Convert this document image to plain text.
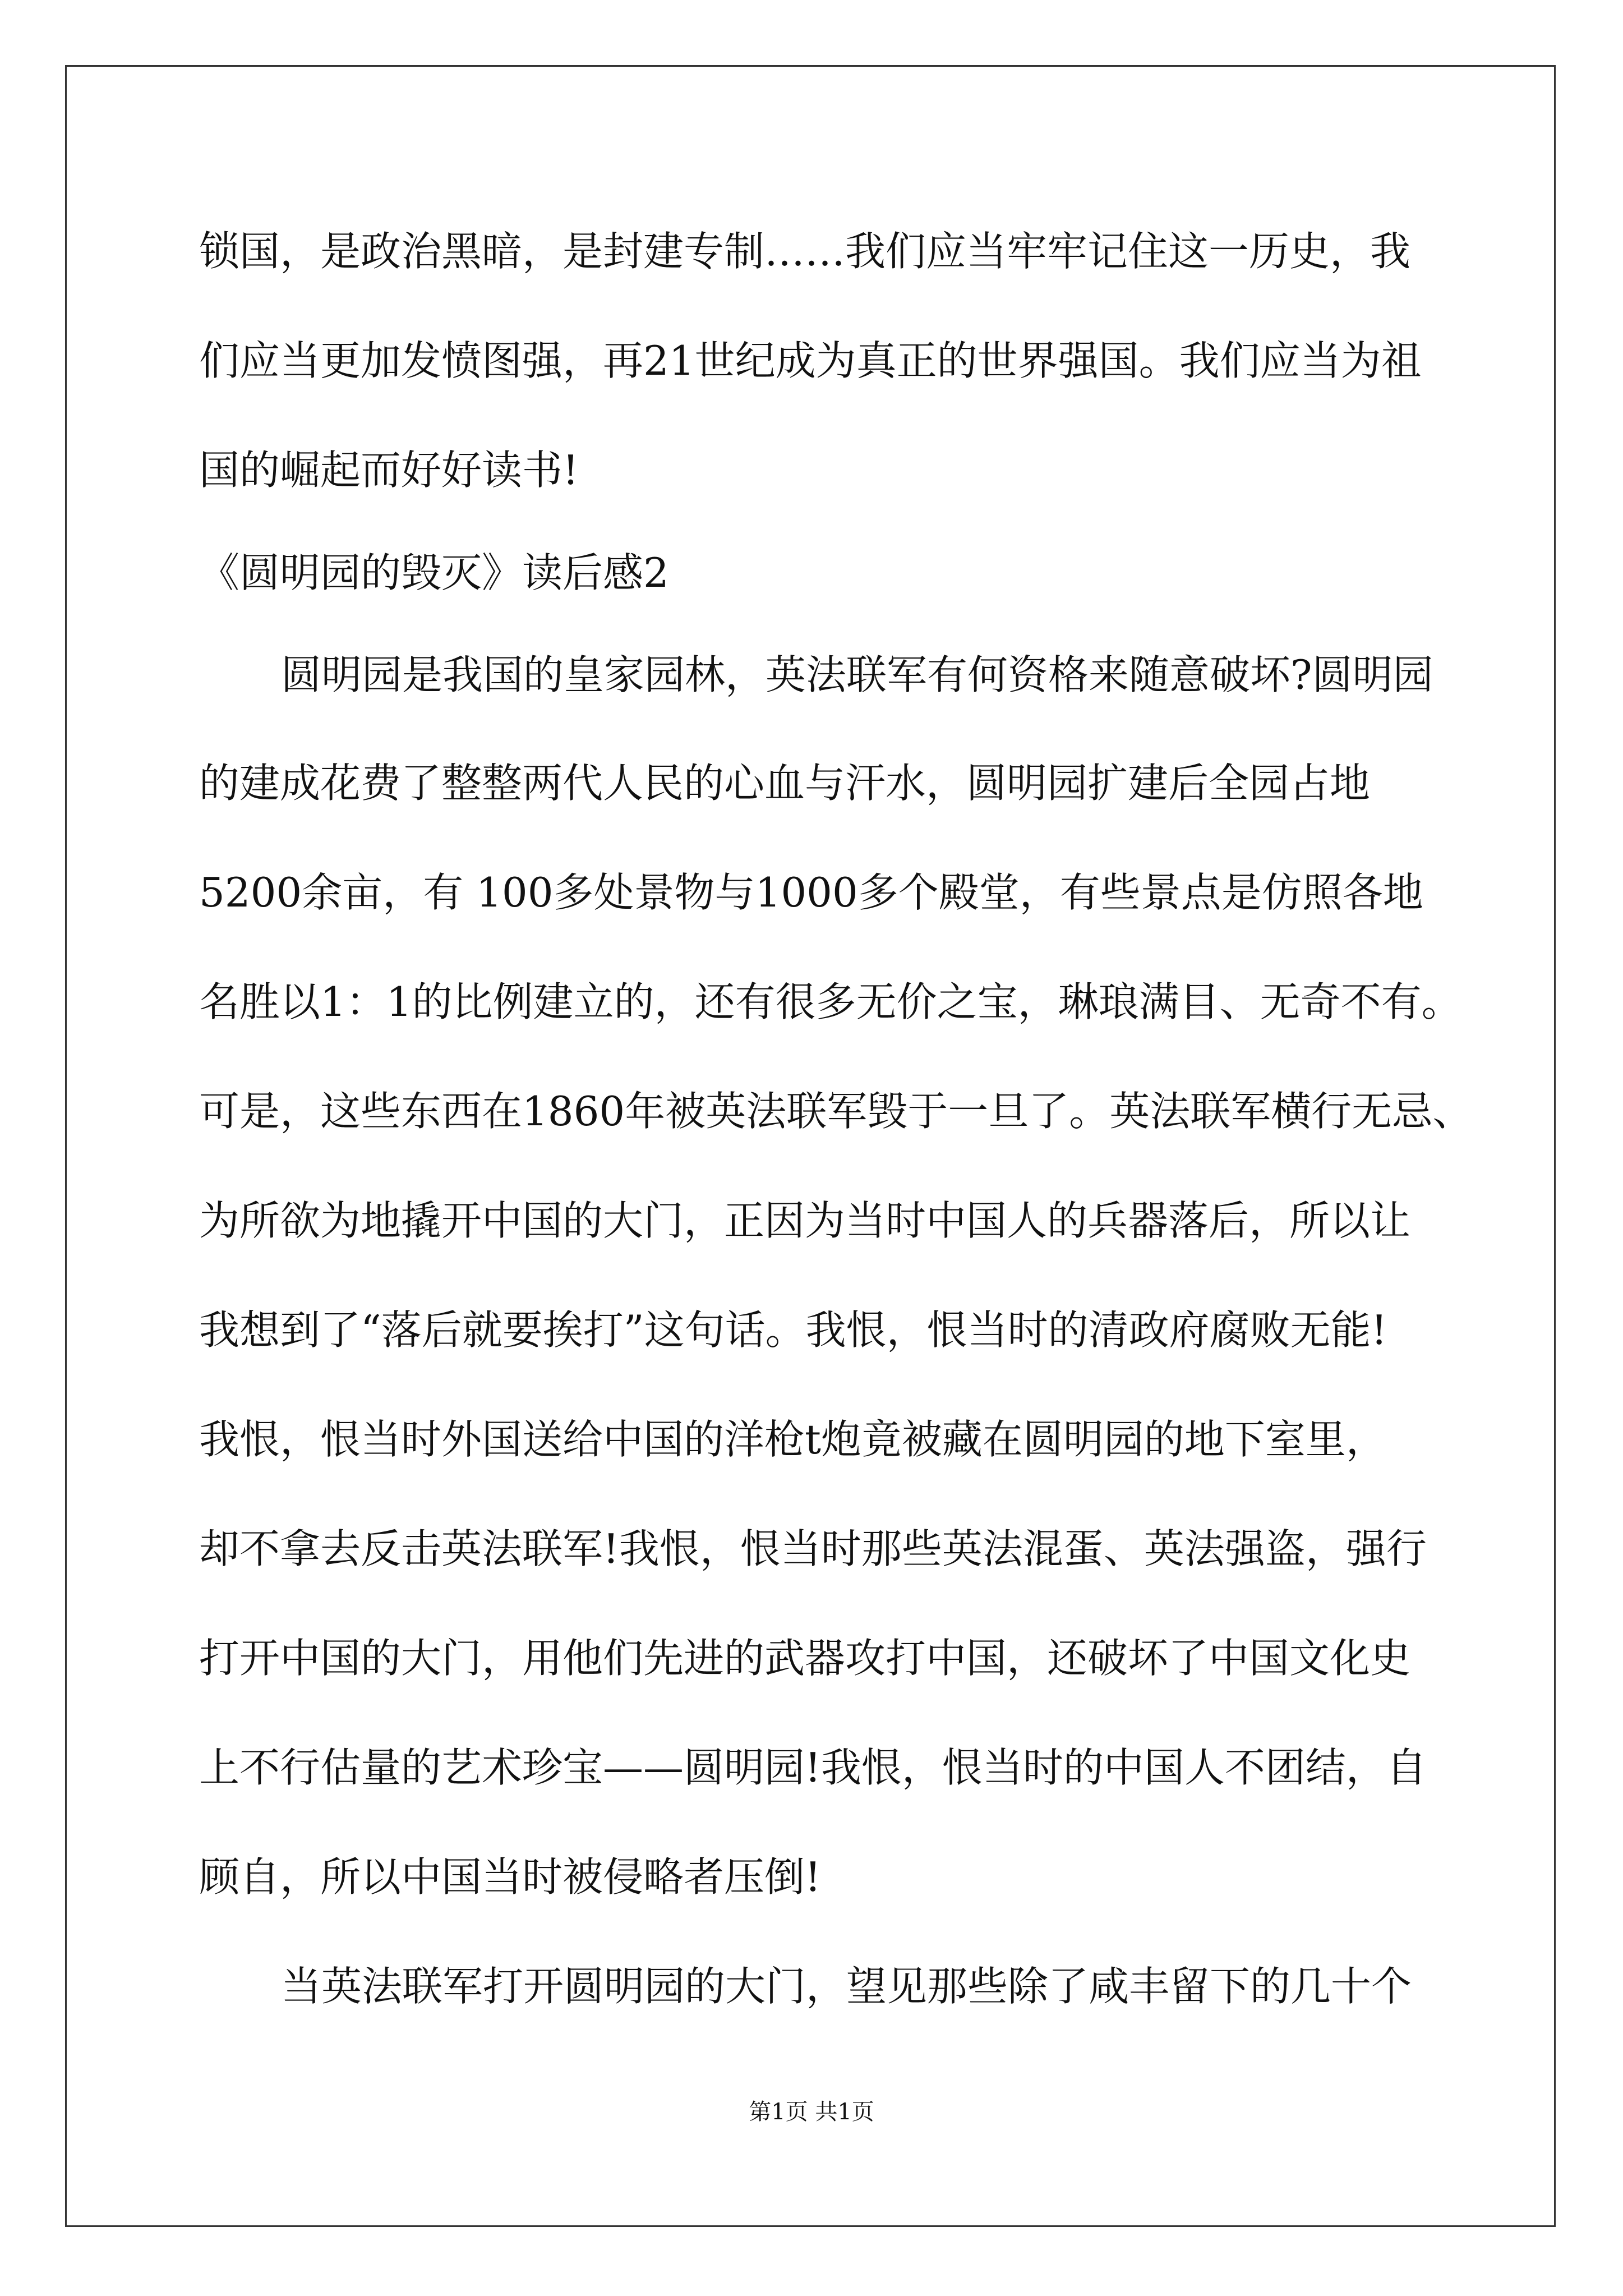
锁国，是政治黑暗，是封建专制……我们应当牢牢记住这一历史，我
们应当更加发愤图强，再21世纪成为真正的世界强国。我们应当为祖
国的崛起而好好读书!
《圆明园的毁灭》读后感2
圆明园是我国的皇家园林，英法联军有何资格来随意破坏?圆明园
的建成花费了整整两代人民的心血与汗水，圆明园扩建后全园占地
5200余亩，有 100多处景物与1000多个殿堂，有些景点是仿照各地
名胜以1：1的比例建立的，还有很多无价之宝，琳琅满目、无奇不有。
可是，这些东西在1860年被英法联军毁于一旦了。英法联军横行无忌、
为所欲为地撬开中国的大门，正因为当时中国人的兵器落后，所以让
我想到了“落后就要挨打”这句话。我恨，恨当时的清政府腐败无能!
我恨，恨当时外国送给中国的洋枪t炮竟被藏在圆明园的地下室里，
却不拿去反击英法联军!我恨，恨当时那些英法混蛋、英法强盗，强行
打开中国的大门，用他们先进的武器攻打中国，还破坏了中国文化史
上不行估量的艺术珍宝——圆明园!我恨，恨当时的中国人不团结，自
顾自，所以中国当时被侵略者压倒!
当英法联军打开圆明园的大门，望见那些除了咸丰留下的几十个
第1页 共1页
